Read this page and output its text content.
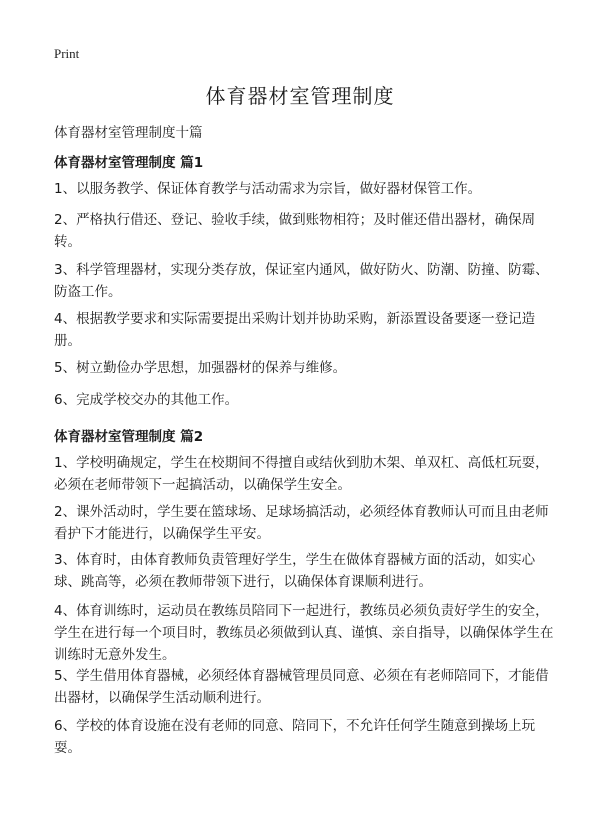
Print
体育器材室管理制度

体育器材室管理制度十篇

体育器材室管理制度 篇1

1、以服务教学、保证体育教学与活动需求为宗旨，做好器材保管工作。

2、严格执行借还、登记、验收手续，做到账物相符；及时催还借出器材，确保周转。

3、科学管理器材，实现分类存放，保证室内通风，做好防火、防潮、防撞、防霉、防盗工作。

4、根据教学要求和实际需要提出采购计划并协助采购，新添置设备要逐一登记造册。

5、树立勤俭办学思想，加强器材的保养与维修。

6、完成学校交办的其他工作。

体育器材室管理制度 篇2

1、学校明确规定，学生在校期间不得擅自或结伙到肋木架、单双杠、高低杠玩耍，必须在老师带领下一起搞活动，以确保学生安全。

2、课外活动时，学生要在篮球场、足球场搞活动，必须经体育教师认可而且由老师看护下才能进行，以确保学生平安。

3、体育时，由体育教师负责管理好学生，学生在做体育器械方面的活动，如实心球、跳高等，必须在教师带领下进行，以确保体育课顺利进行。

4、体育训练时，运动员在教练员陪同下一起进行，教练员必须负责好学生的安全，学生在进行每一个项目时，教练员必须做到认真、谨慎、亲自指导，以确保体学生在训练时无意外发生。

5、学生借用体育器械，必须经体育器械管理员同意、必须在有老师陪同下，才能借出器材，以确保学生活动顺利进行。

6、学校的体育设施在没有老师的同意、陪同下，不允许任何学生随意到操场上玩耍。
